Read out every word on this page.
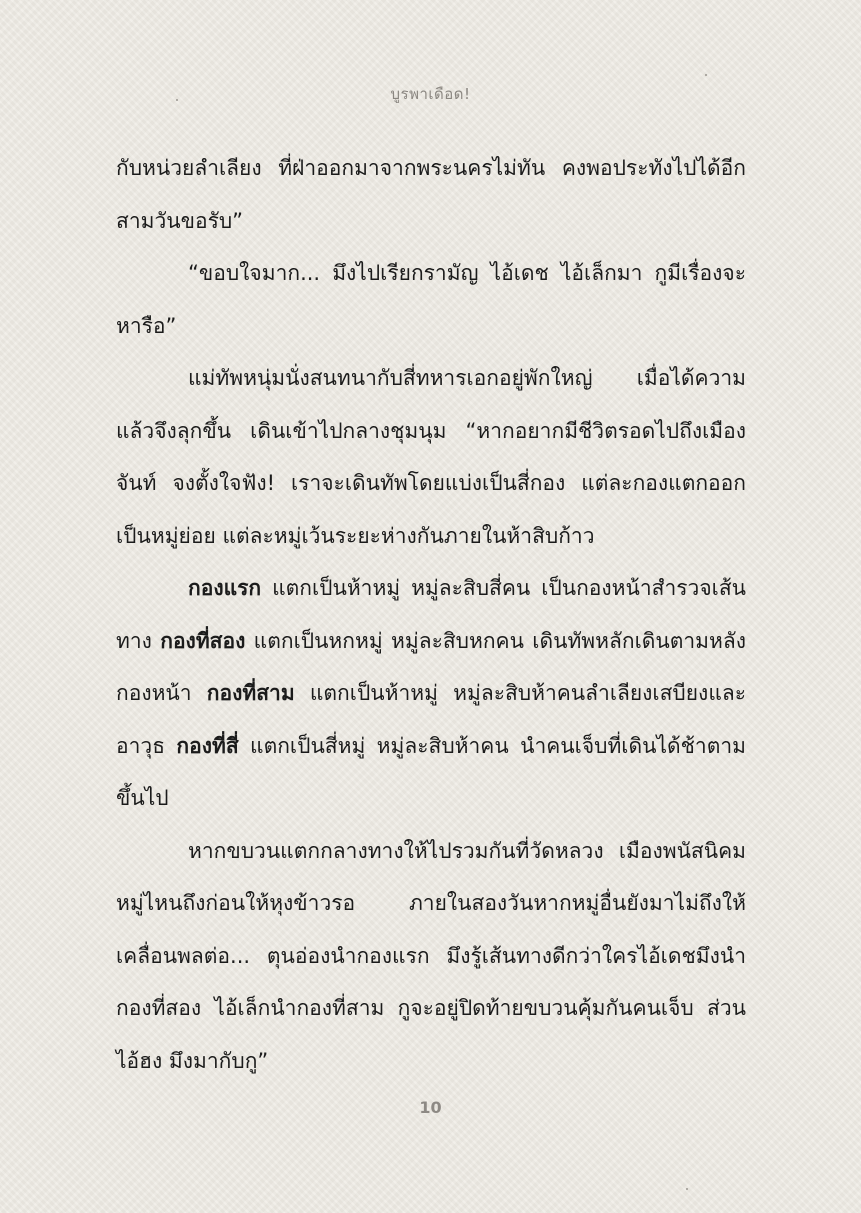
บูรพาเดือด!

กับหน่วยลำเลียง ที่ฝ่าออกมาจากพระนครไม่ทัน คงพอประทังไปได้อีกสามวันขอรับ”

“ขอบใจมาก... มึงไปเรียกรามัญ ไอ้เดช ไอ้เล็กมา กูมีเรื่องจะหารือ”

แม่ทัพหนุ่มนั่งสนทนากับสี่ทหารเอกอยู่พักใหญ่ เมื่อได้ความแล้วจึงลุกขึ้น เดินเข้าไปกลางชุมนุม “หากอยากมีชีวิตรอดไปถึงเมืองจันท์ จงตั้งใจฟัง! เราจะเดินทัพโดยแบ่งเป็นสี่กอง แต่ละกองแตกออกเป็นหมู่ย่อย แต่ละหมู่เว้นระยะห่างกันภายในห้าสิบก้าว

กองแรก แตกเป็นห้าหมู่ หมู่ละสิบสี่คน เป็นกองหน้าสำรวจเส้นทาง กองที่สอง แตกเป็นหกหมู่ หมู่ละสิบหกคน เดินทัพหลักเดินตามหลังกองหน้า กองที่สาม แตกเป็นห้าหมู่ หมู่ละสิบห้าคนลำเลียงเสบียงและอาวุธ กองที่สี่ แตกเป็นสี่หมู่ หมู่ละสิบห้าคน นำคนเจ็บที่เดินได้ช้าตามขึ้นไป

หากขบวนแตกกลางทางให้ไปรวมกันที่วัดหลวง เมืองพนัสนิคม หมู่ไหนถึงก่อนให้หุงข้าวรอ ภายในสองวันหากหมู่อื่นยังมาไม่ถึงให้เคลื่อนพลต่อ... ตุนอ่องนำกองแรก มึงรู้เส้นทางดีกว่าใครไอ้เดชมึงนำกองที่สอง ไอ้เล็กนำกองที่สาม กูจะอยู่ปิดท้ายขบวนคุ้มกันคนเจ็บ ส่วนไอ้ฮง มึงมากับกู”

10
